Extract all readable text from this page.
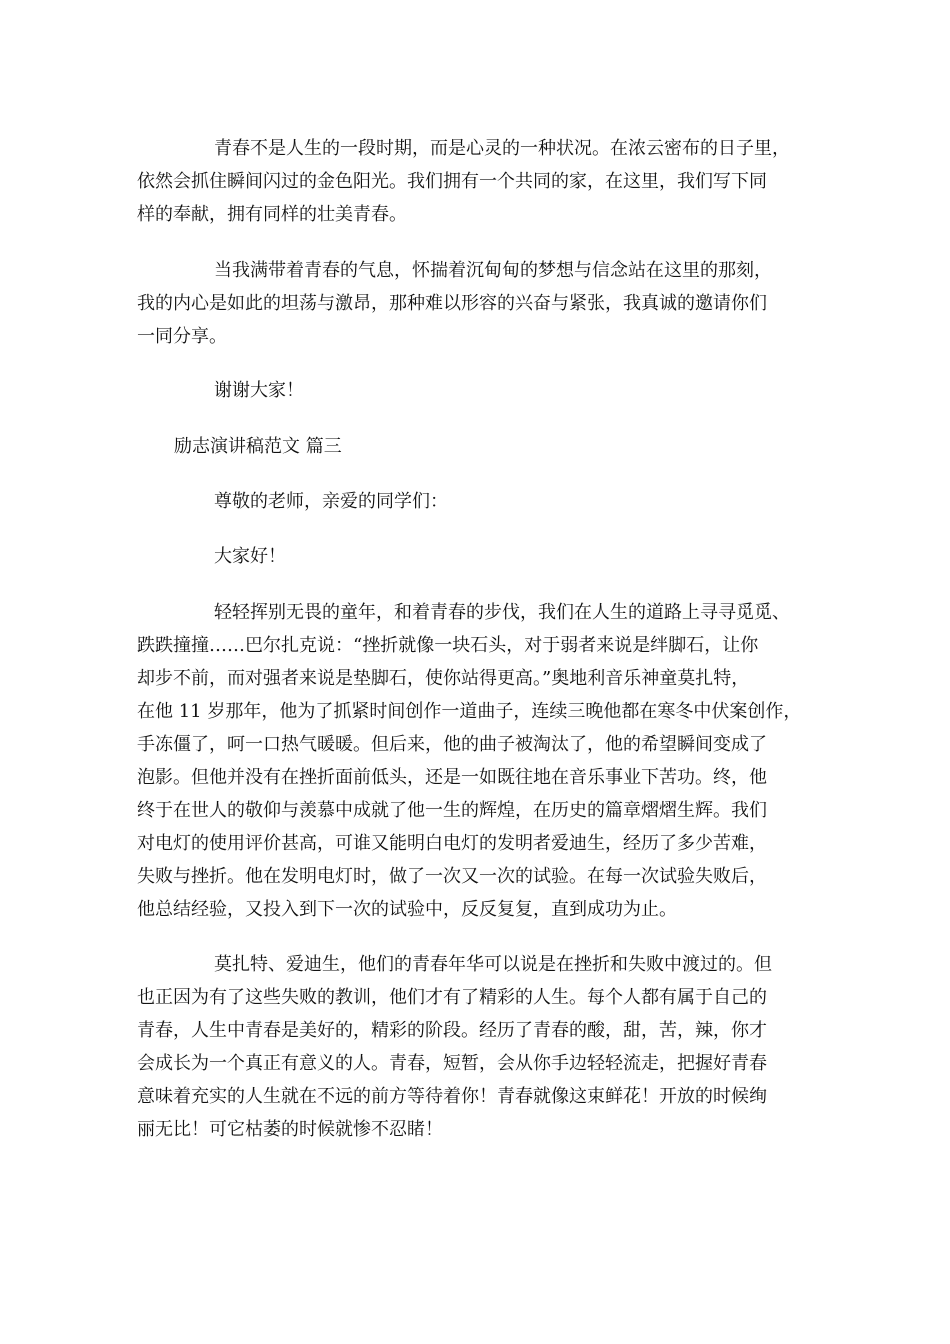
青春不是人生的一段时期，而是心灵的一种状况。在浓云密布的日子里，
依然会抓住瞬间闪过的金色阳光。我们拥有一个共同的家，在这里，我们写下同
样的奉献，拥有同样的壮美青春。
当我满带着青春的气息，怀揣着沉甸甸的梦想与信念站在这里的那刻，
我的内心是如此的坦荡与激昂，那种难以形容的兴奋与紧张，我真诚的邀请你们
一同分享。
谢谢大家！
励志演讲稿范文 篇三
尊敬的老师，亲爱的同学们：
大家好！
轻轻挥别无畏的童年，和着青春的步伐，我们在人生的道路上寻寻觅觅、
跌跌撞撞……巴尔扎克说：“挫折就像一块石头，对于弱者来说是绊脚石，让你
却步不前，而对强者来说是垫脚石，使你站得更高。”奥地利音乐神童莫扎特，
在他 11 岁那年，他为了抓紧时间创作一道曲子，连续三晚他都在寒冬中伏案创作，
手冻僵了，呵一口热气暖暖。但后来，他的曲子被淘汰了，他的希望瞬间变成了
泡影。但他并没有在挫折面前低头，还是一如既往地在音乐事业下苦功。终，他
终于在世人的敬仰与羡慕中成就了他一生的辉煌，在历史的篇章熠熠生辉。我们
对电灯的使用评价甚高，可谁又能明白电灯的发明者爱迪生，经历了多少苦难，
失败与挫折。他在发明电灯时，做了一次又一次的试验。在每一次试验失败后，
他总结经验，又投入到下一次的试验中，反反复复，直到成功为止。
莫扎特、爱迪生，他们的青春年华可以说是在挫折和失败中渡过的。但
也正因为有了这些失败的教训，他们才有了精彩的人生。每个人都有属于自己的
青春，人生中青春是美好的，精彩的阶段。经历了青春的酸，甜，苦，辣，你才
会成长为一个真正有意义的人。青春，短暂，会从你手边轻轻流走，把握好青春
意味着充实的人生就在不远的前方等待着你！青春就像这束鲜花！开放的时候绚
丽无比！可它枯萎的时候就惨不忍睹！
